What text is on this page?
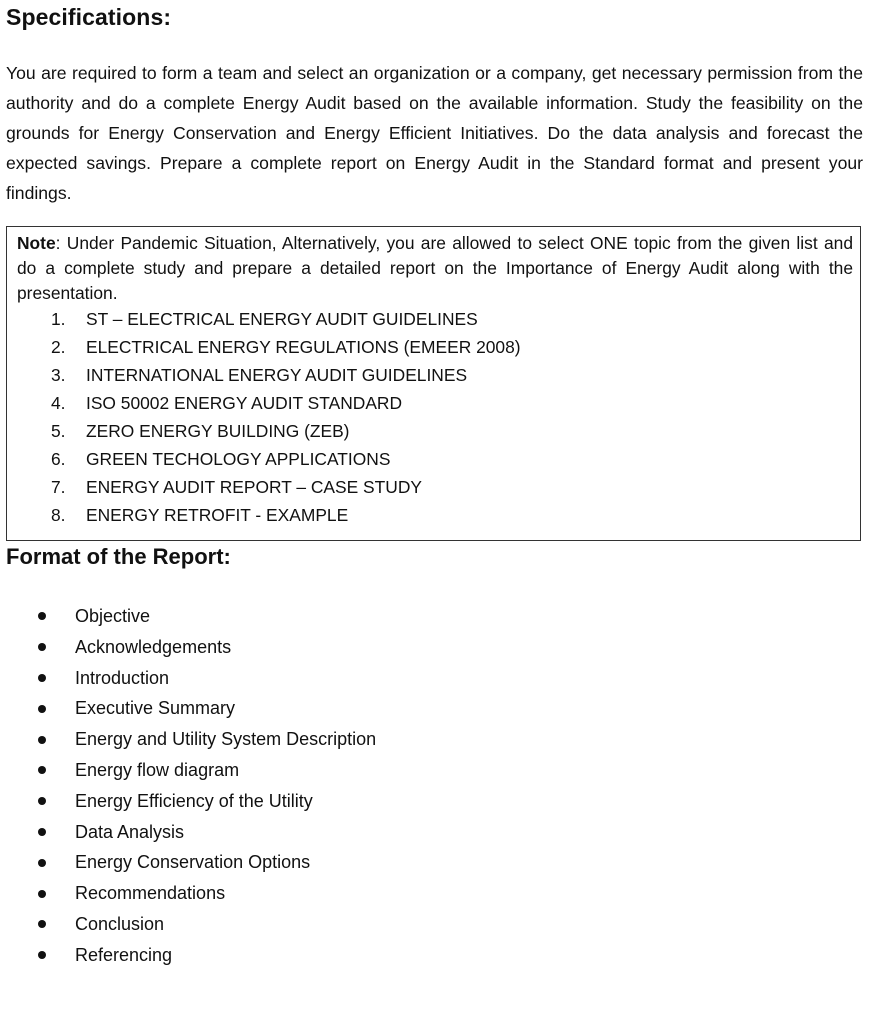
Specifications:

You are required to form a team and select an organization or a company, get necessary permission from the authority and do a complete Energy Audit based on the available information. Study the feasibility on the grounds for Energy Conservation and Energy Efficient Initiatives. Do the data analysis and forecast the expected savings. Prepare a complete report on Energy Audit in the Standard format and present your findings.

Note: Under Pandemic Situation, Alternatively, you are allowed to select ONE topic from the given list and do a complete study and prepare a detailed report on the Importance of Energy Audit along with the presentation.

1.	ST – ELECTRICAL ENERGY AUDIT GUIDELINES
2.	ELECTRICAL ENERGY REGULATIONS (EMEER 2008)
3.	INTERNATIONAL ENERGY AUDIT GUIDELINES
4.	ISO 50002 ENERGY AUDIT STANDARD
5.	ZERO ENERGY BUILDING (ZEB)
6.	GREEN TECHOLOGY APPLICATIONS
7.	ENERGY AUDIT REPORT – CASE STUDY
8.	ENERGY RETROFIT - EXAMPLE
Format of the Report:
Objective
Acknowledgements
Introduction
Executive Summary
Energy and Utility System Description
Energy flow diagram
Energy Efficiency of the Utility
Data Analysis
Energy Conservation Options
Recommendations
Conclusion
Referencing
